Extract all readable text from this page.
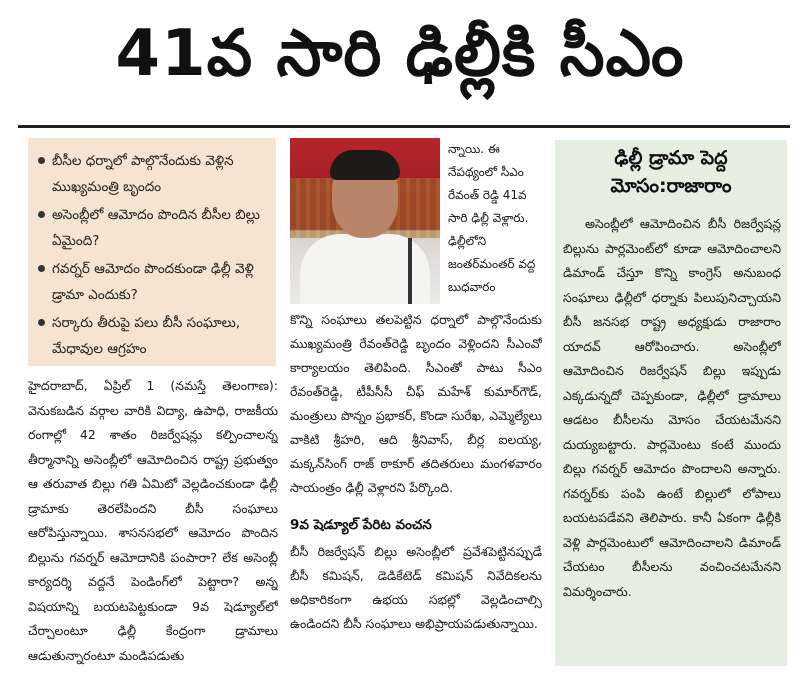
41వ సారి ఢిల్లీకి సీఎం
బీసీల ధర్నాలో పాల్గొనేందుకు వెళ్లిన ముఖ్యమంత్రి బృందం
అసెంబ్లీలో ఆమోదం పొందిన బీసీల బిల్లు ఏమైంది?
గవర్నర్ ఆమోదం పొందకుండా ఢిల్లీ వెళ్లి డ్రామా ఎందుకు?
సర్కారు తీరుపై పలు బీసీ సంఘాలు, మేధావుల ఆగ్రహం
హైదరాబాద్, ఏప్రిల్ 1 (నమస్తే తెలంగాణ): వెనుకబడిన వర్గాల వారికి విద్యా, ఉపాధి, రాజకీయ రంగాల్లో 42 శాతం రిజర్వేషన్లు కల్పించాలన్న తీర్మానాన్ని అసెంబ్లీలో ఆమోదించిన రాష్ట్ర ప్రభుత్వం ఆ తరువాత బిల్లు గతి ఏమిటో వెల్లడించకుండా ఢిల్లీ డ్రామాకు తెరలేపిందని బీసీ సంఘాలు ఆరోపిస్తున్నాయి. శాసనసభలో ఆమోదం పొందిన బిల్లును గవర్నర్ ఆమోదానికి పంపారా? లేక అసెంబ్లీ కార్యదర్శి వద్దనే పెండింగ్‌లో పెట్టారా? అన్న విషయాన్ని బయటపెట్టకుండా 9వ షెడ్యూల్‌లో చేర్చాలంటూ ఢిల్లీ కేంద్రంగా డ్రామాలు ఆడుతున్నారంటూ మండిపడుతు
న్నాయి. ఈ నేపథ్యంలో సీఎం రేవంత్ రెడ్డి 41వ సారి ఢిల్లీ వెళ్లారు. ఢిల్లీలోని జంతర్‌మంతర్ వద్ద బుధవారం
కొన్ని సంఘాలు తలపెట్టిన ధర్నాలో పాల్గొనేందుకు ముఖ్యమంత్రి రేవంత్‌రెడ్డి బృందం వెళ్లిందని సీఎంవో కార్యాలయం తెలిపింది. సీఎంతో పాటు సీఎం రేవంత్‌రెడ్డి, టీపీసీసీ చీఫ్ మహేశ్ కుమార్‌గౌడ్, మంత్రులు పొన్నం ప్రభాకర్, కొండా సురేఖ, ఎమ్మెల్యేలు వాకిటి శ్రీహరి, ఆది శ్రీనివాస్, బీర్ల ఐలయ్య, మక్కన్‌సింగ్ రాజ్ ఠాకూర్ తదితరులు మంగళవారం సాయంత్రం ఢిల్లీ వెళ్లారని పేర్కొంది.
9వ షెడ్యూల్ పేరిట వంచన
బీసీ రిజర్వేషన్ బిల్లు అసెంబ్లీలో ప్రవేశపెట్టినప్పుడే బీసీ కమిషన్, డెడికేటెడ్ కమిషన్ నివేదికలను అధికారికంగా ఉభయ సభల్లో వెల్లడించాల్సి ఉండిందని బీసీ సంఘాలు అభిప్రాయపడుతున్నాయి.
ఢిల్లీ డ్రామా పెద్ద మోసం:రాజారాం

అసెంబ్లీలో ఆమోదించిన బీసీ రిజర్వేషన్ల బిల్లును పార్లమెంట్‌లో కూడా ఆమోదించాలని డిమాండ్ చేస్తూ కొన్ని కాంగ్రెస్ అనుబంధ సంఘాలు ఢిల్లీలో ధర్నాకు పిలుపునిచ్చాయని బీసీ జనసభ రాష్ట్ర అధ్యక్షుడు రాజారాం యాదవ్ ఆరోపించారు. అసెంబ్లీలో ఆమోదించిన రిజర్వేషన్ బిల్లు ఇప్పుడు ఎక్కడున్నదో చెప్పకుండా, ఢిల్లీలో డ్రామాలు ఆడటం బీసీలను మోసం చేయటమేనని దుయ్యబట్టారు. పార్లమెంటు కంటే ముందు బిల్లు గవర్నర్ ఆమోదం పొందాలని అన్నారు. గవర్నర్‌కు పంపి ఉంటే బిల్లులో లోపాలు బయటపడేవని తెలిపారు. కానీ ఏకంగా ఢిల్లీకి వెళ్లి పార్లమెంటులో ఆమోదించాలని డిమాండ్ చేయటం బీసీలను వంచించటమేనని విమర్శించారు.
